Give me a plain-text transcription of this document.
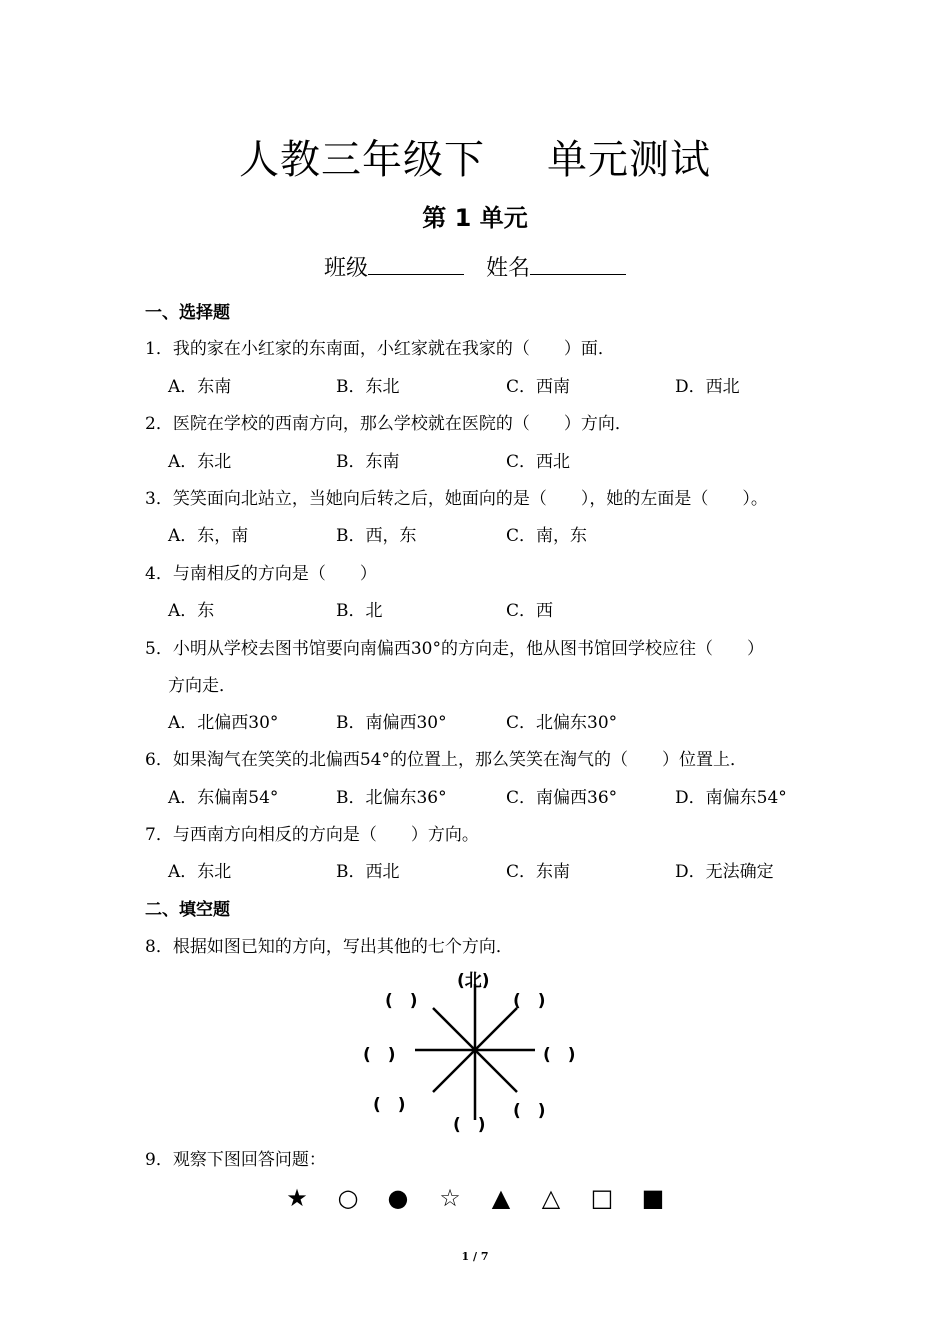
人教三年级下 单元测试
第 1 单元
班级	姓名
一、选择题
1．我的家在小红家的东南面，小红家就在我家的（　　）面．
A．东南	B．东北	C．西南	D．西北
2．医院在学校的西南方向，那么学校就在医院的（　　）方向．
A．东北	B．东南	C．西北
3．笑笑面向北站立，当她向后转之后，她面向的是（　　），她的左面是（　　）。
A．东，南	B．西，东	C．南，东
4．与南相反的方向是（　　）
A．东	B．北	C．西
5．小明从学校去图书馆要向南偏西30°的方向走，他从图书馆回学校应往（　　）
方向走．
A．北偏西30°	B．南偏西30°	C．北偏东30°
6．如果淘气在笑笑的北偏西54°的位置上，那么笑笑在淘气的（　　）位置上．
A．东偏南54°	B．北偏东36°	C．南偏西36°	D．南偏东54°
7．与西南方向相反的方向是（　　）方向。
A．东北	B．西北	C．东南	D．无法确定
二、填空题
8．根据如图已知的方向，写出其他的七个方向．
(北)
(　)	(　)
(　)	(　)
(　)	(　)
(　)
9．观察下图回答问题：
★ ○ ● ☆ ▲ △ □ ■
1 / 7
